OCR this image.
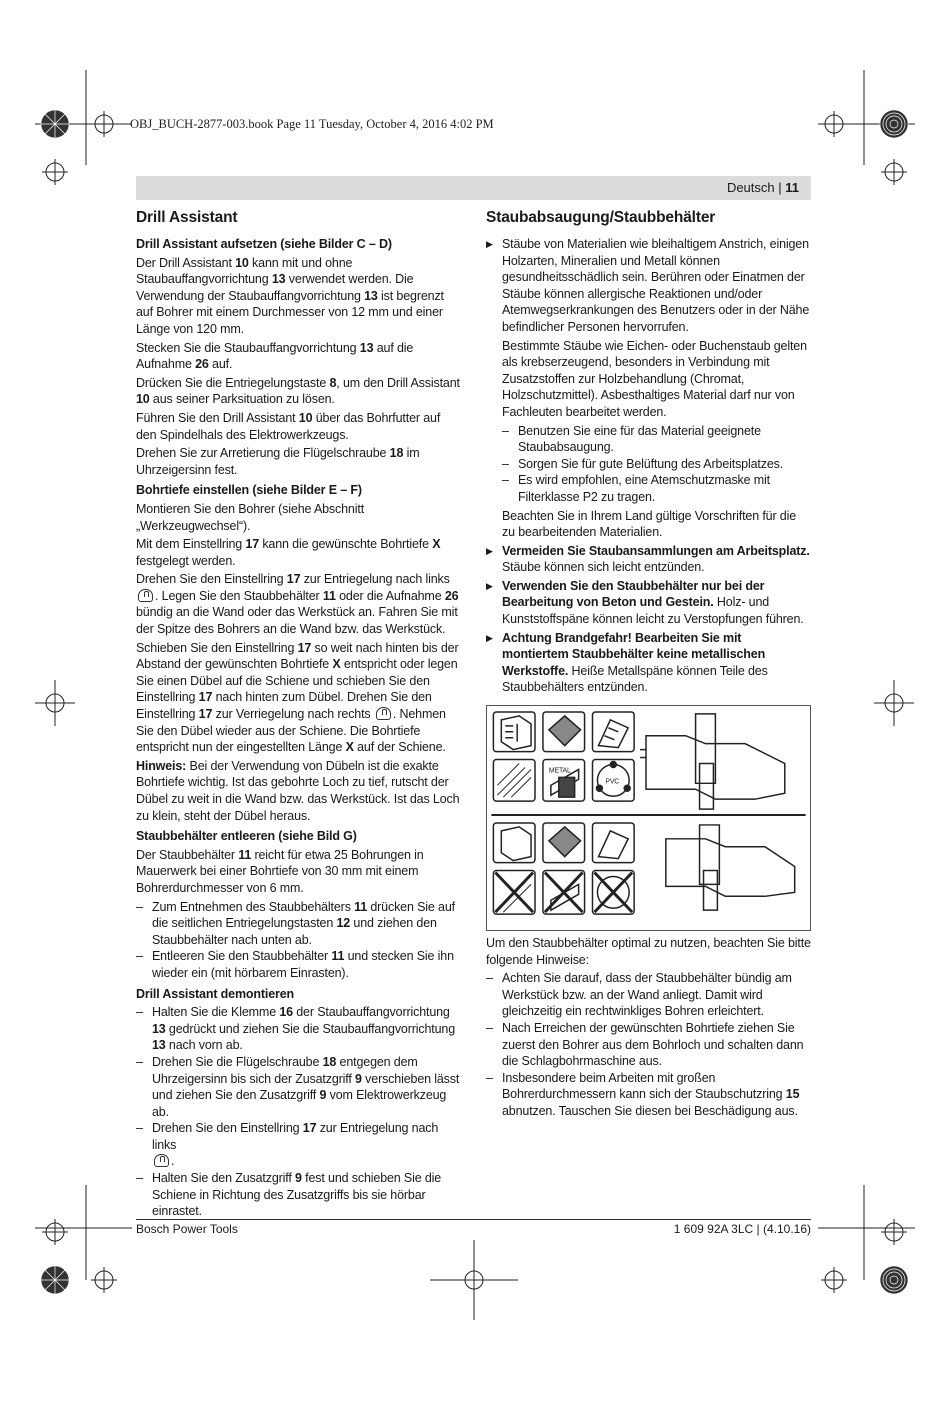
OBJ_BUCH-2877-003.book Page 11 Tuesday, October 4, 2016 4:02 PM
Deutsch | 11
Drill Assistant
Drill Assistant aufsetzen (siehe Bilder C – D)

Der Drill Assistant 10 kann mit und ohne Staubauffangvorrichtung 13 verwendet werden. Die Verwendung der Staubauffangvorrichtung 13 ist begrenzt auf Bohrer mit einem Durchmesser von 12 mm und einer Länge von 120 mm.

Stecken Sie die Staubauffangvorrichtung 13 auf die Aufnahme 26 auf.

Drücken Sie die Entriegelungstaste 8, um den Drill Assistant 10 aus seiner Parksituation zu lösen.

Führen Sie den Drill Assistant 10 über das Bohrfutter auf den Spindelhals des Elektrowerkzeugs.

Drehen Sie zur Arretierung die Flügelschraube 18 im Uhrzeigersinn fest.

Bohrtiefe einstellen (siehe Bilder E – F)

Montieren Sie den Bohrer (siehe Abschnitt „Werkzeugwechsel“).

Mit dem Einstellring 17 kann die gewünschte Bohrtiefe X festgelegt werden.

Drehen Sie den Einstellring 17 zur Entriegelung nach links
. Legen Sie den Staubbehälter 11 oder die Aufnahme 26 bündig an die Wand oder das Werkstück an. Fahren Sie mit der Spitze des Bohrers an die Wand bzw. das Werkstück.

Schieben Sie den Einstellring 17 so weit nach hinten bis der Abstand der gewünschten Bohrtiefe X entspricht oder legen Sie einen Dübel auf die Schiene und schieben Sie den Einstellring 17 nach hinten zum Dübel. Drehen Sie den Einstellring 17 zur Verriegelung nach rechts . Nehmen Sie den Dübel wieder aus der Schiene. Die Bohrtiefe entspricht nun der eingestellten Länge X auf der Schiene.

Hinweis: Bei der Verwendung von Dübeln ist die exakte Bohrtiefe wichtig. Ist das gebohrte Loch zu tief, rutscht der Dübel zu weit in die Wand bzw. das Werkstück. Ist das Loch zu klein, steht der Dübel heraus.

Staubbehälter entleeren (siehe Bild G)

Der Staubbehälter 11 reicht für etwa 25 Bohrungen in Mauerwerk bei einer Bohrtiefe von 30 mm mit einem Bohrerdurchmesser von 6 mm.

– Zum Entnehmen des Staubbehälters 11 drücken Sie auf die seitlichen Entriegelungstasten 12 und ziehen den Staubbehälter nach unten ab.
– Entleeren Sie den Staubbehälter 11 und stecken Sie ihn wieder ein (mit hörbarem Einrasten).
Drill Assistant demontieren
– Halten Sie die Klemme 16 der Staubauffangvorrichtung 13 gedrückt und ziehen Sie die Staubauffangvorrichtung 13 nach vorn ab.
– Drehen Sie die Flügelschraube 18 entgegen dem Uhrzeigersinn bis sich der Zusatzgriff 9 verschieben lässt und ziehen Sie den Zusatzgriff 9 vom Elektrowerkzeug ab.
– Drehen Sie den Einstellring 17 zur Entriegelung nach links
.
– Halten Sie den Zusatzgriff 9 fest und schieben Sie die Schiene in Richtung des Zusatzgriffs bis sie hörbar einrastet.
Staubabsaugung/Staubbehälter
▶ Stäube von Materialien wie bleihaltigem Anstrich, einigen Holzarten, Mineralien und Metall können gesundheitsschädlich sein. Berühren oder Einatmen der Stäube können allergische Reaktionen und/oder Atemwegserkrankungen des Benutzers oder in der Nähe befindlicher Personen hervorrufen.

Bestimmte Stäube wie Eichen- oder Buchenstaub gelten als krebserzeugend, besonders in Verbindung mit Zusatzstoffen zur Holzbehandlung (Chromat, Holzschutzmittel). Asbesthaltiges Material darf nur von Fachleuten bearbeitet werden.

– Benutzen Sie eine für das Material geeignete Staubabsaugung.
– Sorgen Sie für gute Belüftung des Arbeitsplatzes.
– Es wird empfohlen, eine Atemschutzmaske mit Filterklasse P2 zu tragen.

Beachten Sie in Ihrem Land gültige Vorschriften für die zu bearbeitenden Materialien.

▶ Vermeiden Sie Staubansammlungen am Arbeitsplatz. Stäube können sich leicht entzünden.
▶ Verwenden Sie den Staubbehälter nur bei der Bearbeitung von Beton und Gestein. Holz- und Kunststoffspäne können leicht zu Verstopfungen führen.
▶ Achtung Brandgefahr! Bearbeiten Sie mit montiertem Staubbehälter keine metallischen Werkstoffe. Heiße Metallspäne können Teile des Staubbehälters entzünden.
METAL
PVC

Um den Staubbehälter optimal zu nutzen, beachten Sie bitte folgende Hinweise:

– Achten Sie darauf, dass der Staubbehälter bündig am Werkstück bzw. an der Wand anliegt. Damit wird gleichzeitig ein rechtwinkliges Bohren erleichtert.
– Nach Erreichen der gewünschten Bohrtiefe ziehen Sie zuerst den Bohrer aus dem Bohrloch und schalten dann die Schlagbohrmaschine aus.
– Insbesondere beim Arbeiten mit großen Bohrerdurchmessern kann sich der Staubschutzring 15 abnutzen. Tauschen Sie diesen bei Beschädigung aus.
Bosch Power Tools	1 609 92A 3LC | (4.10.16)
